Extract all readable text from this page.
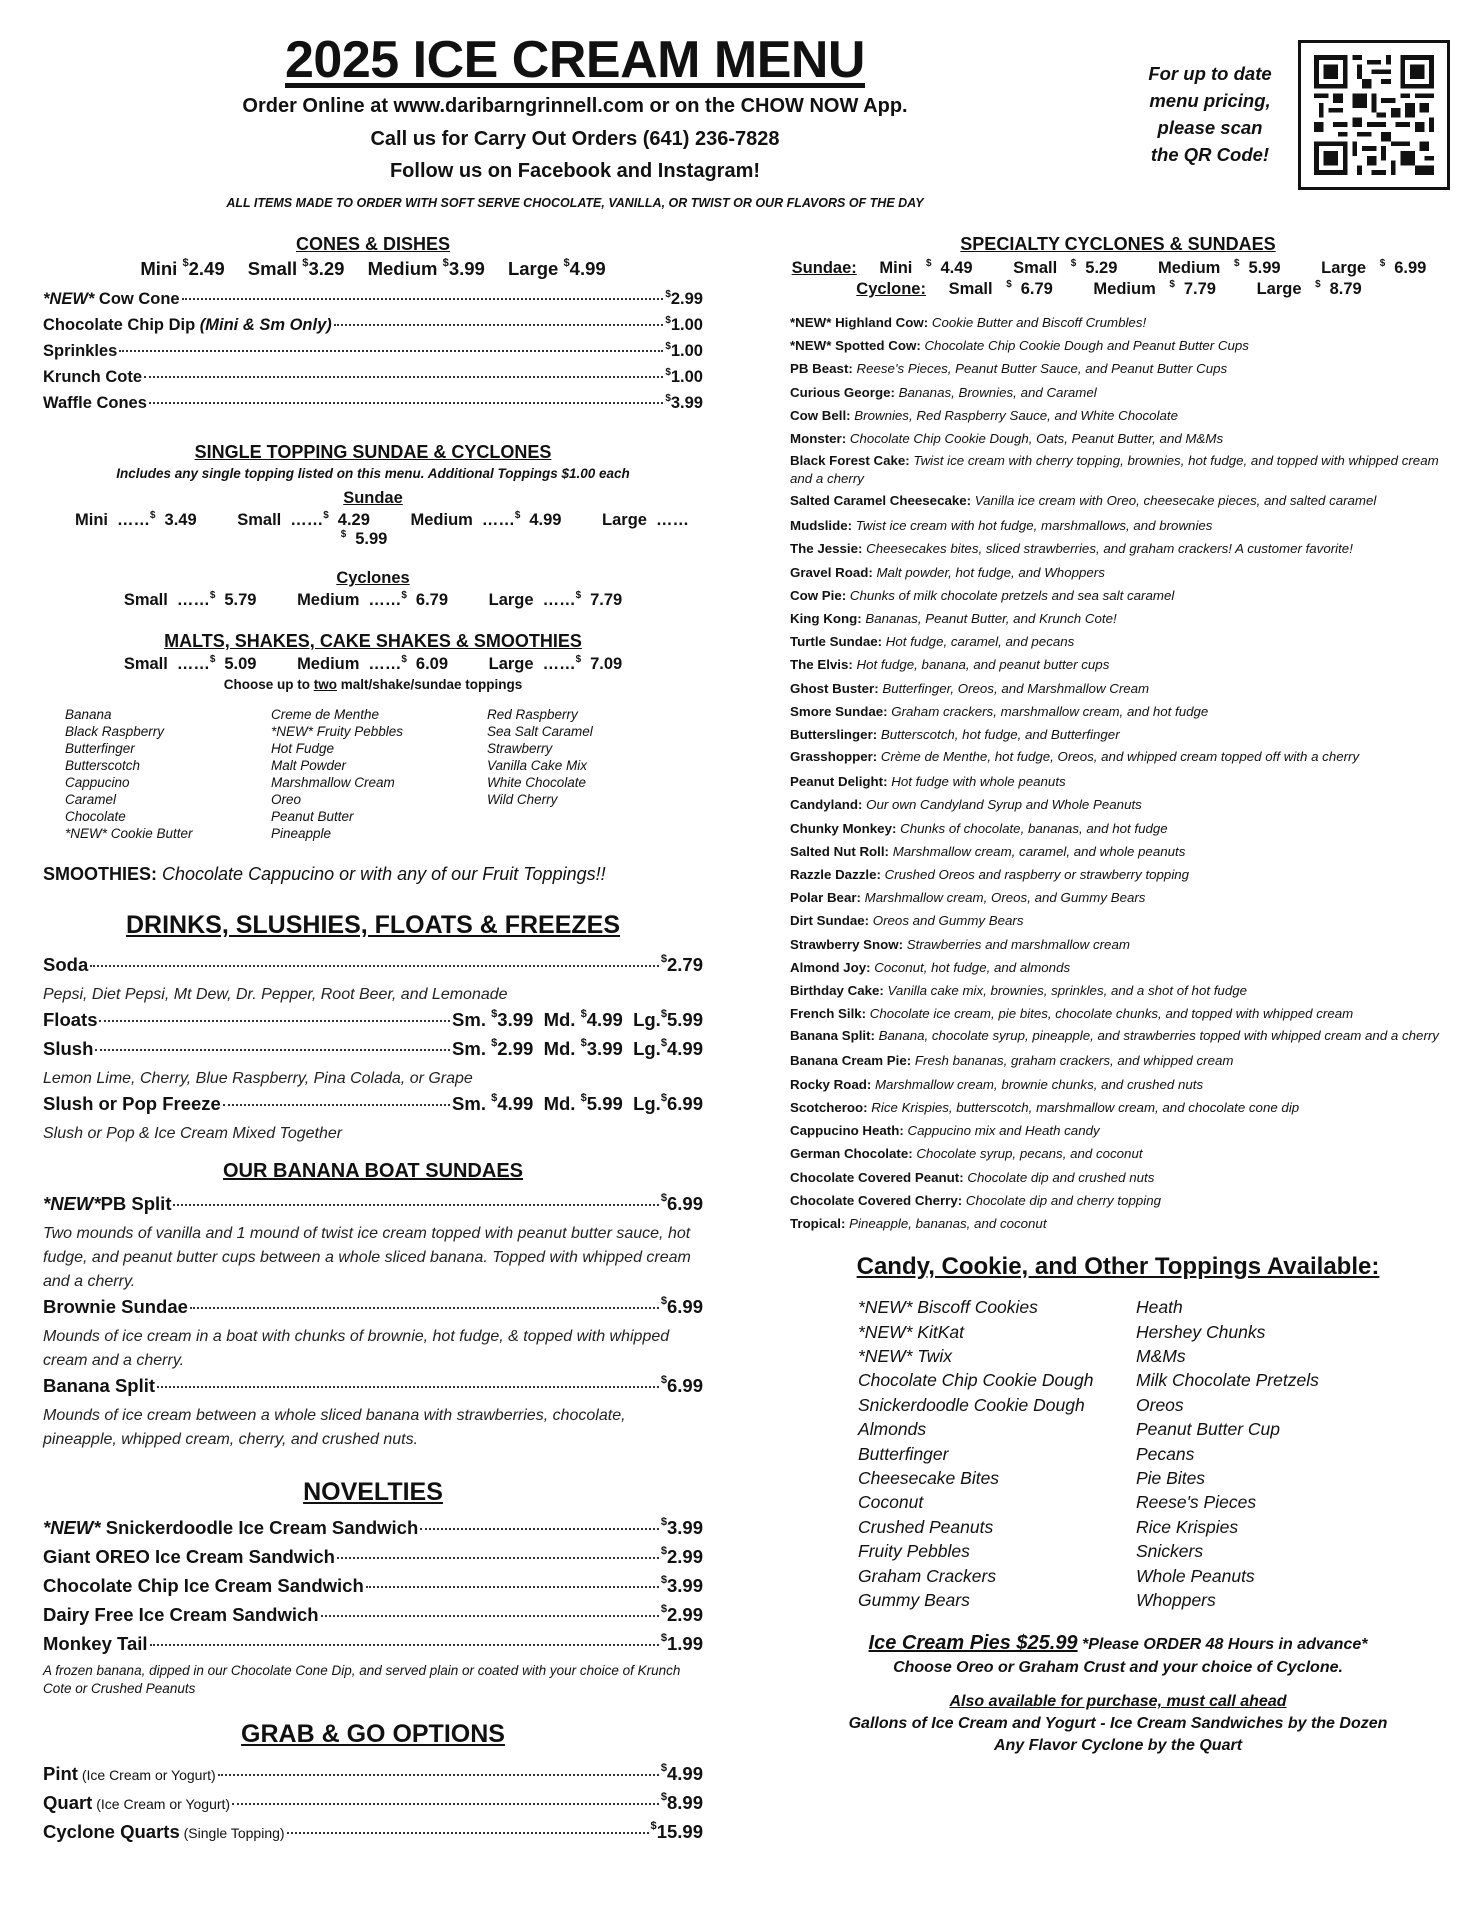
2025 ICE CREAM MENU
Order Online at www.daribarngrinnell.com or on the CHOW NOW App.
Call us for Carry Out Orders (641) 236-7828
Follow us on Facebook and Instagram!
ALL ITEMS MADE TO ORDER WITH SOFT SERVE CHOCOLATE, VANILLA, OR TWIST OR OUR FLAVORS OF THE DAY
For up to date
menu pricing,
please scan
the QR Code!
CONES & DISHES
Mini $2.49 Small $3.29 Medium $3.99 Large $4.99
*NEW* Cow Cone	$2.99
Chocolate Chip Dip (Mini & Sm Only)	$1.00
Sprinkles	$1.00
Krunch Cote	$1.00
Waffle Cones	$3.99
SINGLE TOPPING SUNDAE & CYCLONES
Includes any single topping listed on this menu. Additional Toppings $1.00 each
Sundae
Mini ……$ 3.49 Small ……$ 4.29 Medium ……$ 4.99 Large ……$ 5.99
Cyclones
Small ……$ 5.79 Medium ……$ 6.79 Large ……$ 7.79
MALTS, SHAKES, CAKE SHAKES & SMOOTHIES
Small ……$ 5.09 Medium ……$ 6.09 Large ……$ 7.09
Choose up to two malt/shake/sundae toppings
Banana
Black Raspberry
Butterfinger
Butterscotch
Cappucino
Caramel
Chocolate
*NEW* Cookie Butter
Creme de Menthe
*NEW* Fruity Pebbles
Hot Fudge
Malt Powder
Marshmallow Cream
Oreo
Peanut Butter
Pineapple
Red Raspberry
Sea Salt Caramel
Strawberry
Vanilla Cake Mix
White Chocolate
Wild Cherry
SMOOTHIES: Chocolate Cappucino or with any of our Fruit Toppings!!
DRINKS, SLUSHIES, FLOATS & FREEZES
Soda	$2.79
Pepsi, Diet Pepsi, Mt Dew, Dr. Pepper, Root Beer, and Lemonade
Floats	Sm. $3.99 Md. $4.99 Lg.$5.99
Slush	Sm. $2.99 Md. $3.99 Lg.$4.99
Lemon Lime, Cherry, Blue Raspberry, Pina Colada, or Grape
Slush or Pop Freeze	Sm. $4.99 Md. $5.99 Lg.$6.99
Slush or Pop & Ice Cream Mixed Together
OUR BANANA BOAT SUNDAES
*NEW*PB Split	$6.99
Two mounds of vanilla and 1 mound of twist ice cream topped with peanut butter sauce, hot fudge, and peanut butter cups between a whole sliced banana. Topped with whipped cream and a cherry.
Brownie Sundae	$6.99
Mounds of ice cream in a boat with chunks of brownie, hot fudge, & topped with whipped cream and a cherry.
Banana Split	$6.99
Mounds of ice cream between a whole sliced banana with strawberries, chocolate, pineapple, whipped cream, cherry, and crushed nuts.
NOVELTIES
*NEW* Snickerdoodle Ice Cream Sandwich	$3.99
Giant OREO Ice Cream Sandwich	$2.99
Chocolate Chip Ice Cream Sandwich	$3.99
Dairy Free Ice Cream Sandwich	$2.99
Monkey Tail	$1.99
A frozen banana, dipped in our Chocolate Cone Dip, and served plain or coated with your choice of Krunch Cote or Crushed Peanuts
GRAB & GO OPTIONS
Pint (Ice Cream or Yogurt)	$4.99
Quart (Ice Cream or Yogurt)	$8.99
Cyclone Quarts (Single Topping)	$15.99
SPECIALTY CYCLONES & SUNDAES
Sundae: Mini $ 4.49 Small $ 5.29 Medium $ 5.99 Large $ 6.99
Cyclone: Small $ 6.79 Medium $ 7.79 Large $ 8.79
*NEW* Highland Cow: Cookie Butter and Biscoff Crumbles!
*NEW* Spotted Cow: Chocolate Chip Cookie Dough and Peanut Butter Cups
PB Beast: Reese's Pieces, Peanut Butter Sauce, and Peanut Butter Cups
Curious George: Bananas, Brownies, and Caramel
Cow Bell: Brownies, Red Raspberry Sauce, and White Chocolate
Monster: Chocolate Chip Cookie Dough, Oats, Peanut Butter, and M&Ms
Black Forest Cake: Twist ice cream with cherry topping, brownies, hot fudge, and topped with whipped cream and a cherry
Salted Caramel Cheesecake: Vanilla ice cream with Oreo, cheesecake pieces, and salted caramel
Mudslide: Twist ice cream with hot fudge, marshmallows, and brownies
The Jessie: Cheesecakes bites, sliced strawberries, and graham crackers! A customer favorite!
Gravel Road: Malt powder, hot fudge, and Whoppers
Cow Pie: Chunks of milk chocolate pretzels and sea salt caramel
King Kong: Bananas, Peanut Butter, and Krunch Cote!
Turtle Sundae: Hot fudge, caramel, and pecans
The Elvis: Hot fudge, banana, and peanut butter cups
Ghost Buster: Butterfinger, Oreos, and Marshmallow Cream
Smore Sundae: Graham crackers, marshmallow cream, and hot fudge
Butterslinger: Butterscotch, hot fudge, and Butterfinger
Grasshopper: Crème de Menthe, hot fudge, Oreos, and whipped cream topped off with a cherry
Peanut Delight: Hot fudge with whole peanuts
Candyland: Our own Candyland Syrup and Whole Peanuts
Chunky Monkey: Chunks of chocolate, bananas, and hot fudge
Salted Nut Roll: Marshmallow cream, caramel, and whole peanuts
Razzle Dazzle: Crushed Oreos and raspberry or strawberry topping
Polar Bear: Marshmallow cream, Oreos, and Gummy Bears
Dirt Sundae: Oreos and Gummy Bears
Strawberry Snow: Strawberries and marshmallow cream
Almond Joy: Coconut, hot fudge, and almonds
Birthday Cake: Vanilla cake mix, brownies, sprinkles, and a shot of hot fudge
French Silk: Chocolate ice cream, pie bites, chocolate chunks, and topped with whipped cream
Banana Split: Banana, chocolate syrup, pineapple, and strawberries topped with whipped cream and a cherry
Banana Cream Pie: Fresh bananas, graham crackers, and whipped cream
Rocky Road: Marshmallow cream, brownie chunks, and crushed nuts
Scotcheroo: Rice Krispies, butterscotch, marshmallow cream, and chocolate cone dip
Cappucino Heath: Cappucino mix and Heath candy
German Chocolate: Chocolate syrup, pecans, and coconut
Chocolate Covered Peanut: Chocolate dip and crushed nuts
Chocolate Covered Cherry: Chocolate dip and cherry topping
Tropical: Pineapple, bananas, and coconut
Candy, Cookie, and Other Toppings Available:
*NEW* Biscoff Cookies
*NEW* KitKat
*NEW* Twix
Chocolate Chip Cookie Dough
Snickerdoodle Cookie Dough
Almonds
Butterfinger
Cheesecake Bites
Coconut
Crushed Peanuts
Fruity Pebbles
Graham Crackers
Gummy Bears
Heath
Hershey Chunks
M&Ms
Milk Chocolate Pretzels
Oreos
Peanut Butter Cup
Pecans
Pie Bites
Reese's Pieces
Rice Krispies
Snickers
Whole Peanuts
Whoppers
Ice Cream Pies $25.99 *Please ORDER 48 Hours in advance*
Choose Oreo or Graham Crust and your choice of Cyclone.
Also available for purchase, must call ahead
Gallons of Ice Cream and Yogurt - Ice Cream Sandwiches by the Dozen
Any Flavor Cyclone by the Quart
